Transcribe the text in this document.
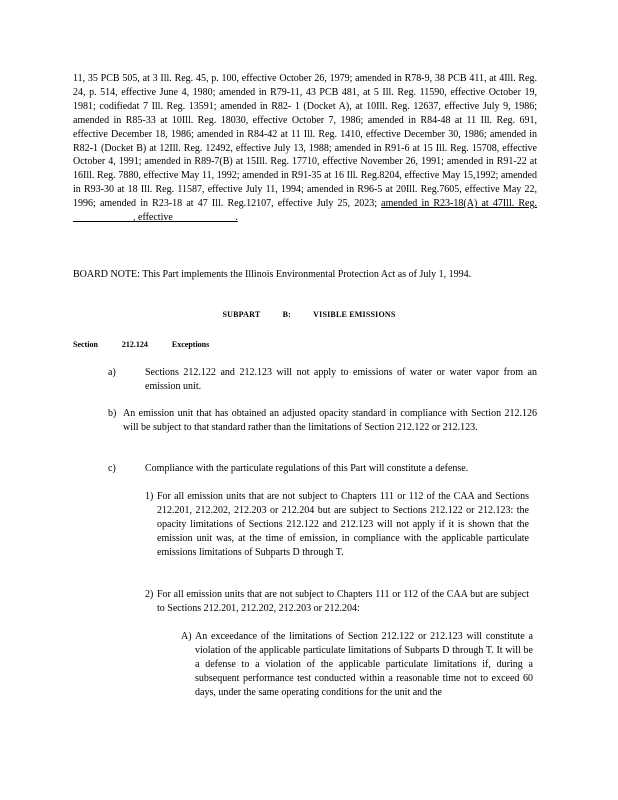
11, 35 PCB 505, at 3 Ill. Reg. 45, p. 100, effective October 26, 1979; amended in R78-9, 38 PCB 411, at 4Ill. Reg. 24, p. 514, effective June 4, 1980; amended in R79-11, 43 PCB 481, at 5 Ill. Reg. 11590, effective October 19, 1981; codifiedat 7 Ill. Reg. 13591; amended in R82- 1 (Docket A), at 10Ill. Reg. 12637, effective July 9, 1986; amended in R85-33 at 10Ill. Reg. 18030, effective October 7, 1986; amended in R84-48 at 11 Ill. Reg. 691, effective December 18, 1986; amended in R84-42 at 11 Ill. Reg. 1410, effective December 30, 1986; amended in R82-1 (Docket B) at 12Ill. Reg. 12492, effective July 13, 1988; amended in R91-6 at 15 Ill. Reg. 15708, effective October 4, 1991; amended in R89-7(B) at 15Ill. Reg. 17710, effective November 26, 1991; amended in R91-22 at 16Ill. Reg. 7880, effective May 11, 1992; amended in R91-35 at 16 Ill. Reg.8204, effective May 15,1992; amended in R93-30 at 18 Ill. Reg. 11587, effective July 11, 1994; amended in R96-5 at 20Ill. Reg.7605, effective May 22, 1996; amended in R23-18 at 47 Ill. Reg.12107, effective July 25, 2023; amended in R23-18(A) at 47Ill. Reg. ____________, effective ____________.
BOARD NOTE: This Part implements the Illinois Environmental Protection Act as of July 1, 1994.
SUBPART	B:	VISIBLE EMISSIONS
Section	212.124	Exceptions
a)	Sections 212.122 and 212.123 will not apply to emissions of water or water vapor from an emission unit.
b) An emission unit that has obtained an adjusted opacity standard in compliance with Section 212.126 will be subject to that standard rather than the limitations of Section 212.122 or 212.123.
c)	Compliance with the particulate regulations of this Part will constitute a defense.
1) For all emission units that are not subject to Chapters 111 or 112 of the CAA and Sections 212.201, 212.202, 212.203 or 212.204 but are subject to Sections 212.122 or 212.123: the opacity limitations of Sections 212.122 and 212.123 will not apply if it is shown that the emission unit was, at the time of emission, in compliance with the applicable particulate emissions limitations of Subparts D through T.
2) For all emission units that are not subject to Chapters 111 or 112 of the CAA but are subject to Sections 212.201, 212.202, 212.203 or 212.204:
A) An exceedance of the limitations of Section 212.122 or 212.123 will constitute a violation of the applicable particulate limitations of Subparts D through T. It will be a defense to a violation of the applicable particulate limitations if, during a subsequent performance test conducted within a reasonable time not to exceed 60 days, under the same operating conditions for the unit and the
